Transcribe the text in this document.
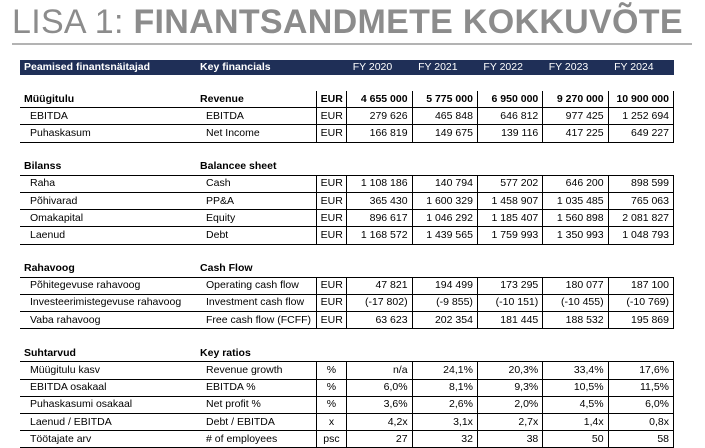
LISA 1: FINANTSANDMETE KOKKUVÕTE
Peamised finantsnäitajad	Key financials		FY 2020	FY 2021	FY 2022	FY 2023	FY 2024

Müügitulu	Revenue	EUR	4 655 000	5 775 000	6 950 000	9 270 000	10 900 000
EBITDA	EBITDA	EUR	279 626	465 848	646 812	977 425	1 252 694
Puhaskasum	Net Income	EUR	166 819	149 675	139 116	417 225	649 227

Bilanss	Balancee sheet						
Raha	Cash	EUR	1 108 186	140 794	577 202	646 200	898 599
Põhivarad	PP&A	EUR	365 430	1 600 329	1 458 907	1 035 485	765 063
Omakapital	Equity	EUR	896 617	1 046 292	1 185 407	1 560 898	2 081 827
Laenud	Debt	EUR	1 168 572	1 439 565	1 759 993	1 350 993	1 048 793

Rahavoog	Cash Flow						
Põhitegevuse rahavoog	Operating cash flow	EUR	47 821	194 499	173 295	180 077	187 100
Investeerimistegevuse rahavoog	Investment cash flow	EUR	(-17 802)	(-9 855)	(-10 151)	(-10 455)	(-10 769)
Vaba rahavoog	Free cash flow (FCFF)	EUR	63 623	202 354	181 445	188 532	195 869

Suhtarvud	Key ratios						
Müügitulu kasv	Revenue growth	%	n/a	24,1%	20,3%	33,4%	17,6%
EBITDA osakaal	EBITDA %	%	6,0%	8,1%	9,3%	10,5%	11,5%
Puhaskasumi osakaal	Net profit %	%	3,6%	2,6%	2,0%	4,5%	6,0%
Laenud / EBITDA	Debt / EBITDA	x	4,2x	3,1x	2,7x	1,4x	0,8x
Töötajate arv	# of employees	psc	27	32	38	50	58
